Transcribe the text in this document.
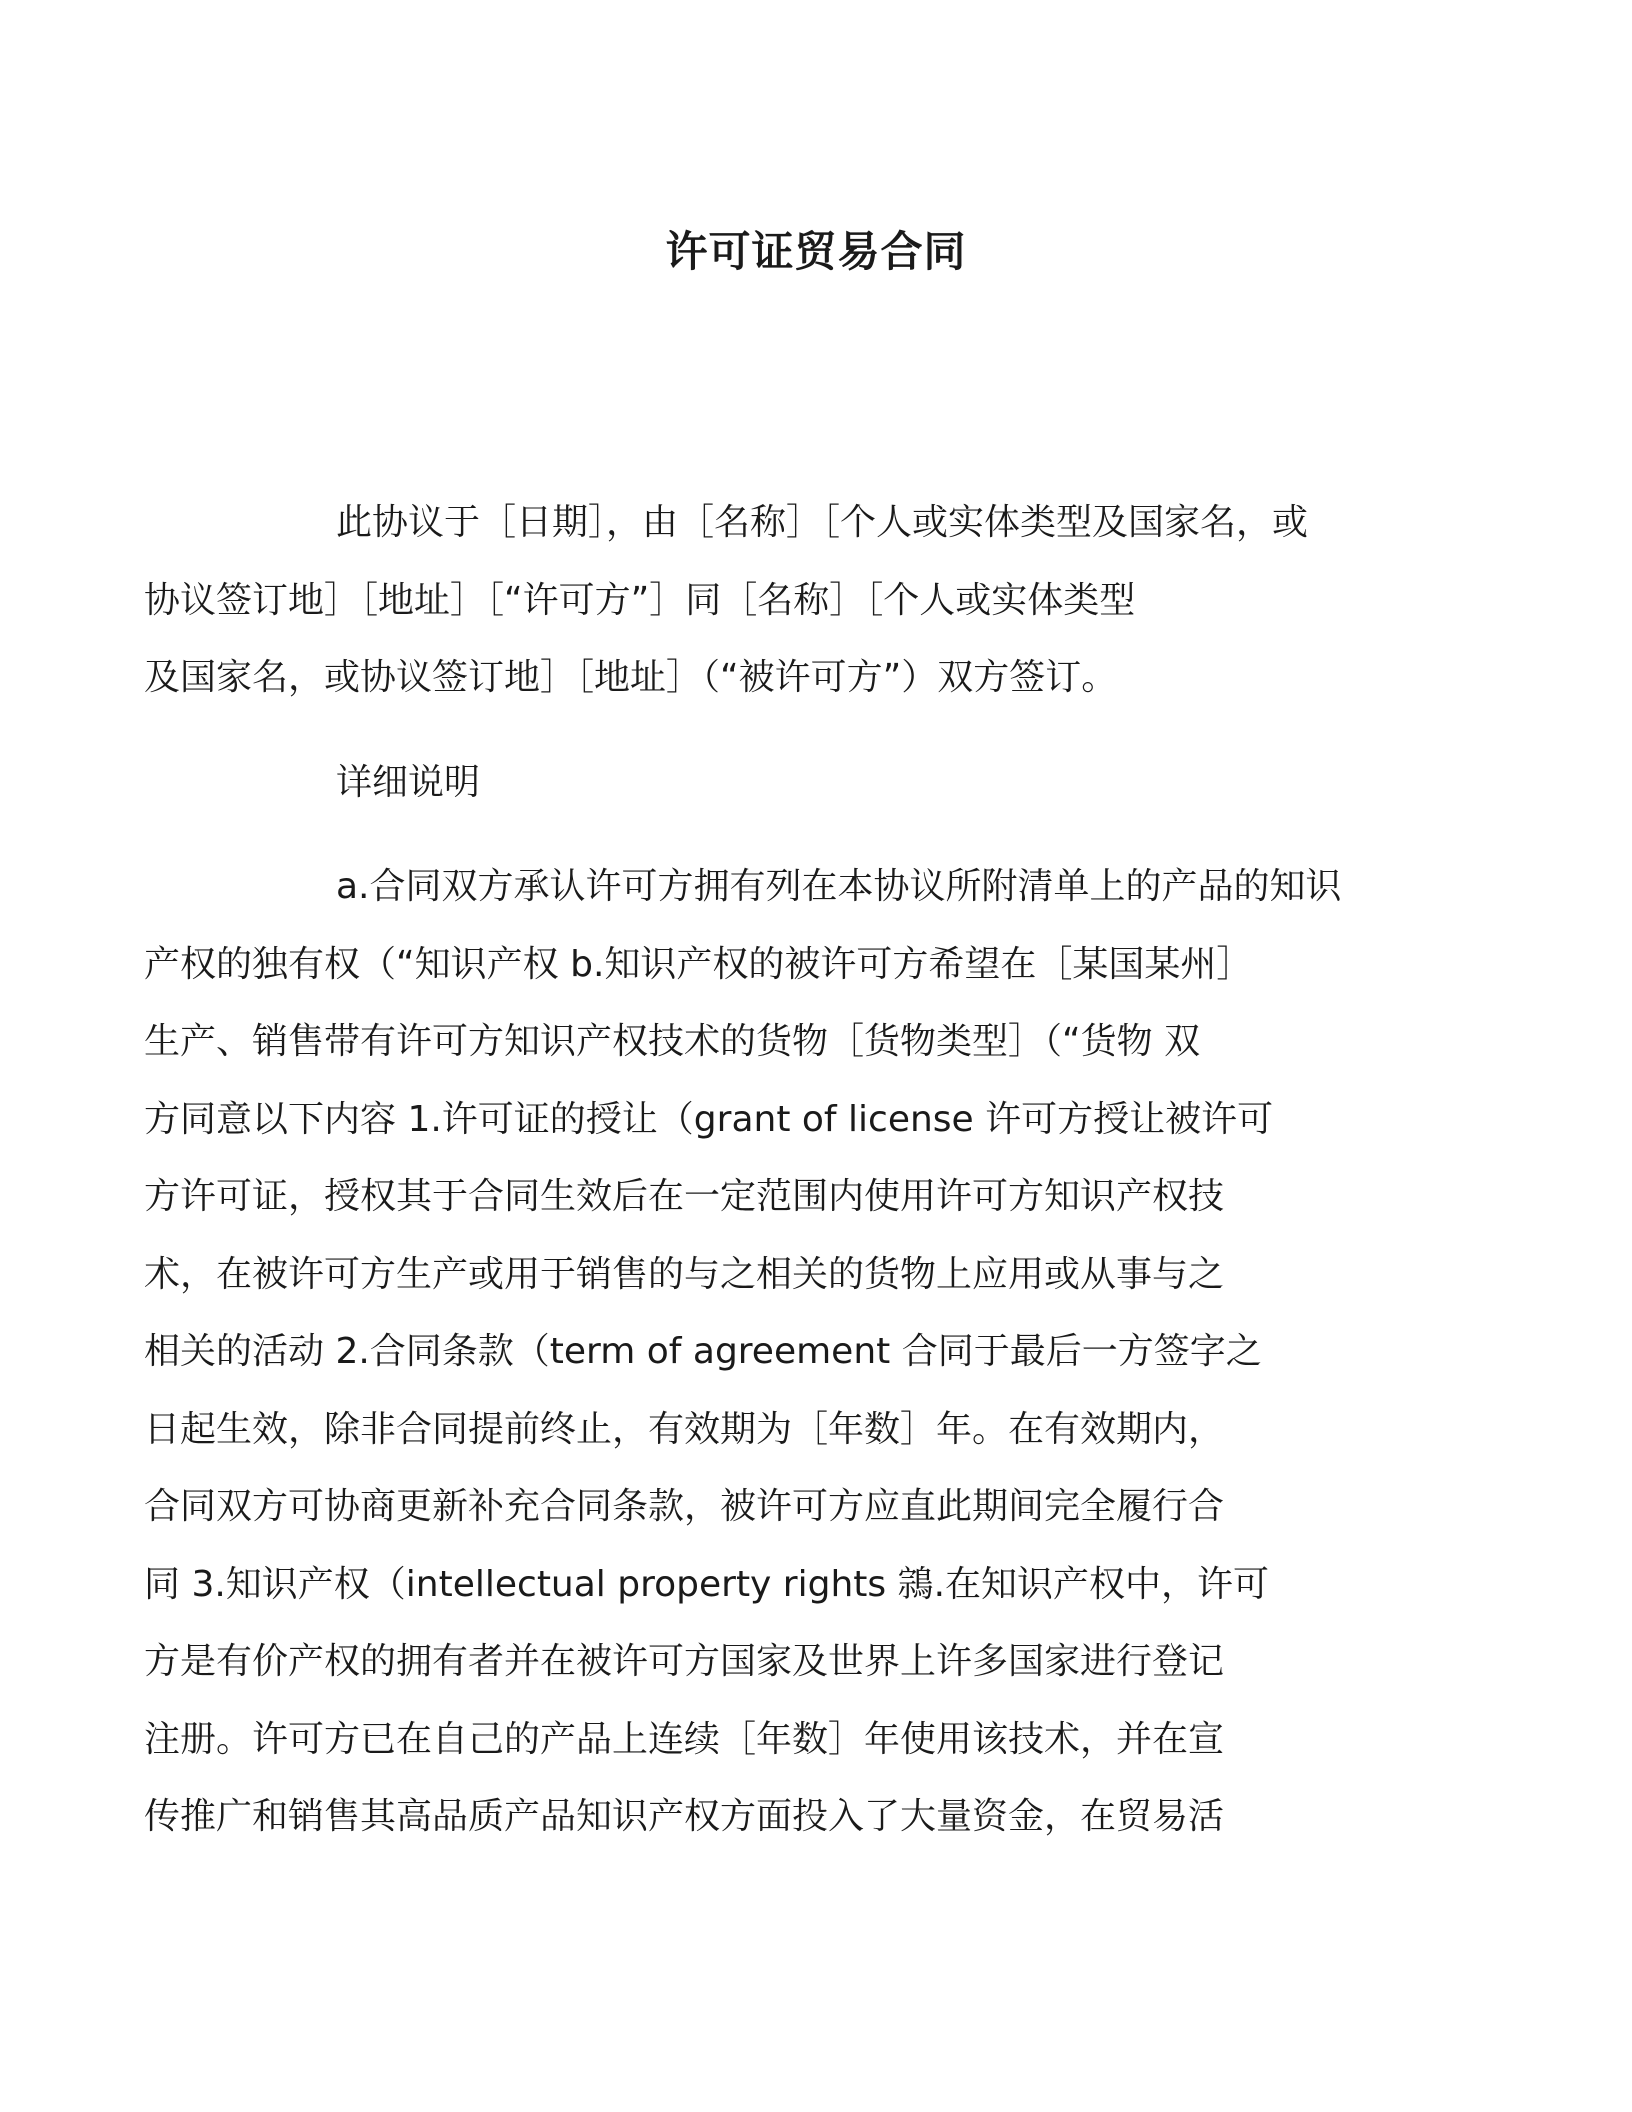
许可证贸易合同

此协议于［日期］，由［名称］［个人或实体类型及国家名，或
协议签订地］［地址］［“许可方”］同［名称］［个人或实体类型
及国家名，或协议签订地］［地址］（“被许可方”）双方签订。

详细说明

a.合同双方承认许可方拥有列在本协议所附清单上的产品的知识
产权的独有权（“知识产权 b.知识产权的被许可方希望在［某国某州］
生产、销售带有许可方知识产权技术的货物［货物类型］（“货物 双
方同意以下内容 1.许可证的授让（grant of license 许可方授让被许可
方许可证，授权其于合同生效后在一定范围内使用许可方知识产权技
术，在被许可方生产或用于销售的与之相关的货物上应用或从事与之
相关的活动 2.合同条款（term of agreement 合同于最后一方签字之
日起生效，除非合同提前终止，有效期为［年数］年。在有效期内，
合同双方可协商更新补充合同条款，被许可方应直此期间完全履行合
同 3.知识产权（intellectual property rights 鶎.在知识产权中，许可
方是有价产权的拥有者并在被许可方国家及世界上许多国家进行登记
注册。许可方已在自己的产品上连续［年数］年使用该技术，并在宣
传推广和销售其高品质产品知识产权方面投入了大量资金，在贸易活
